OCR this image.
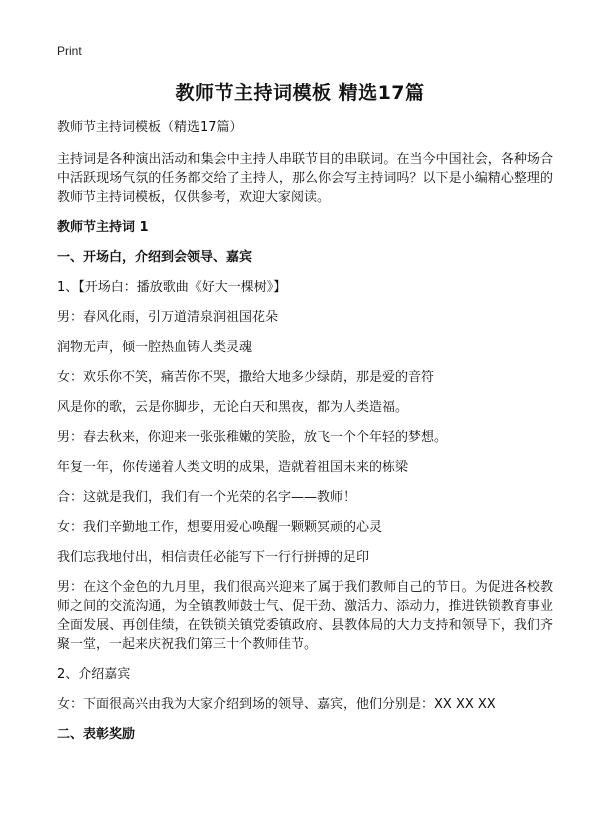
Print
教师节主持词模板 精选17篇

教师节主持词模板（精选17篇）

主持词是各种演出活动和集会中主持人串联节目的串联词。在当今中国社会，各种场合中活跃现场气氛的任务都交给了主持人，那么你会写主持词吗？以下是小编精心整理的教师节主持词模板，仅供参考，欢迎大家阅读。

教师节主持词 1

一、开场白，介绍到会领导、嘉宾

1、【开场白：播放歌曲《好大一棵树》】

男：春风化雨，引万道清泉润祖国花朵

润物无声，倾一腔热血铸人类灵魂

女：欢乐你不笑，痛苦你不哭，撒给大地多少绿荫，那是爱的音符

风是你的歌，云是你脚步，无论白天和黑夜，都为人类造福。

男：春去秋来，你迎来一张张稚嫩的笑脸，放飞一个个年轻的梦想。

年复一年，你传递着人类文明的成果，造就着祖国未来的栋梁

合：这就是我们，我们有一个光荣的名字——教师！

女：我们辛勤地工作，想要用爱心唤醒一颗颗冥顽的心灵

我们忘我地付出，相信责任必能写下一行行拼搏的足印

男：在这个金色的九月里，我们很高兴迎来了属于我们教师自己的节日。为促进各校教师之间的交流沟通，为全镇教师鼓士气、促干劲、激活力、添动力，推进铁锁教育事业全面发展、再创佳绩，在铁锁关镇党委镇政府、县教体局的大力支持和领导下，我们齐聚一堂，一起来庆祝我们第三十个教师佳节。

2、介绍嘉宾

女：下面很高兴由我为大家介绍到场的领导、嘉宾，他们分别是：XX XX XX

二、表彰奖励
